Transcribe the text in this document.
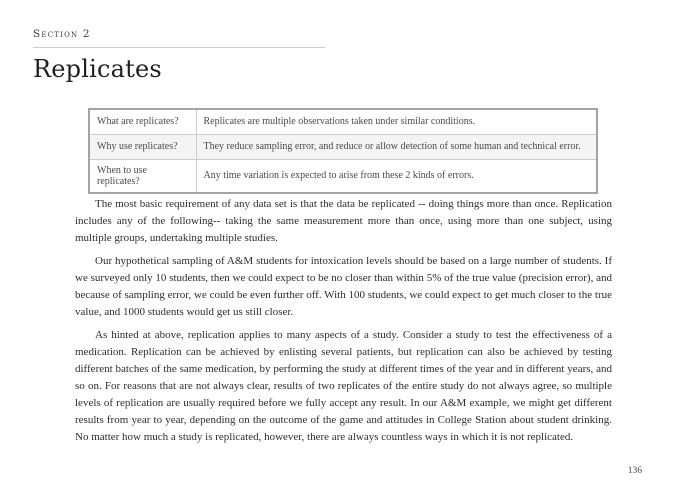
Section 2
Replicates
What are replicates?	Replicates are multiple observations taken under similar conditions.
Why use replicates?	They reduce sampling error, and reduce or allow detection of some human and technical error.
When to use replicates?	Any time variation is expected to arise from these 2 kinds of errors.

The most basic requirement of any data set is that the data be replicated -- doing things more than once. Replication includes any of the following-- taking the same measurement more than once, using more than one subject, using multiple groups, undertaking multiple studies.

Our hypothetical sampling of A&M students for intoxication levels should be based on a large number of students. If we surveyed only 10 students, then we could expect to be no closer than within 5% of the true value (precision error), and because of sampling error, we could be even further off. With 100 students, we could expect to get much closer to the true value, and 1000 students would get us still closer.

As hinted at above, replication applies to many aspects of a study. Consider a study to test the effectiveness of a medication. Replication can be achieved by enlisting several patients, but replication can also be achieved by testing different batches of the same medication, by performing the study at different times of the year and in different years, and so on. For reasons that are not always clear, results of two replicates of the entire study do not always agree, so multiple levels of replication are usually required before we fully accept any result. In our A&M example, we might get different results from year to year, depending on the outcome of the game and attitudes in College Station about student drinking. No matter how much a study is replicated, however, there are always countless ways in which it is not replicated.

136
